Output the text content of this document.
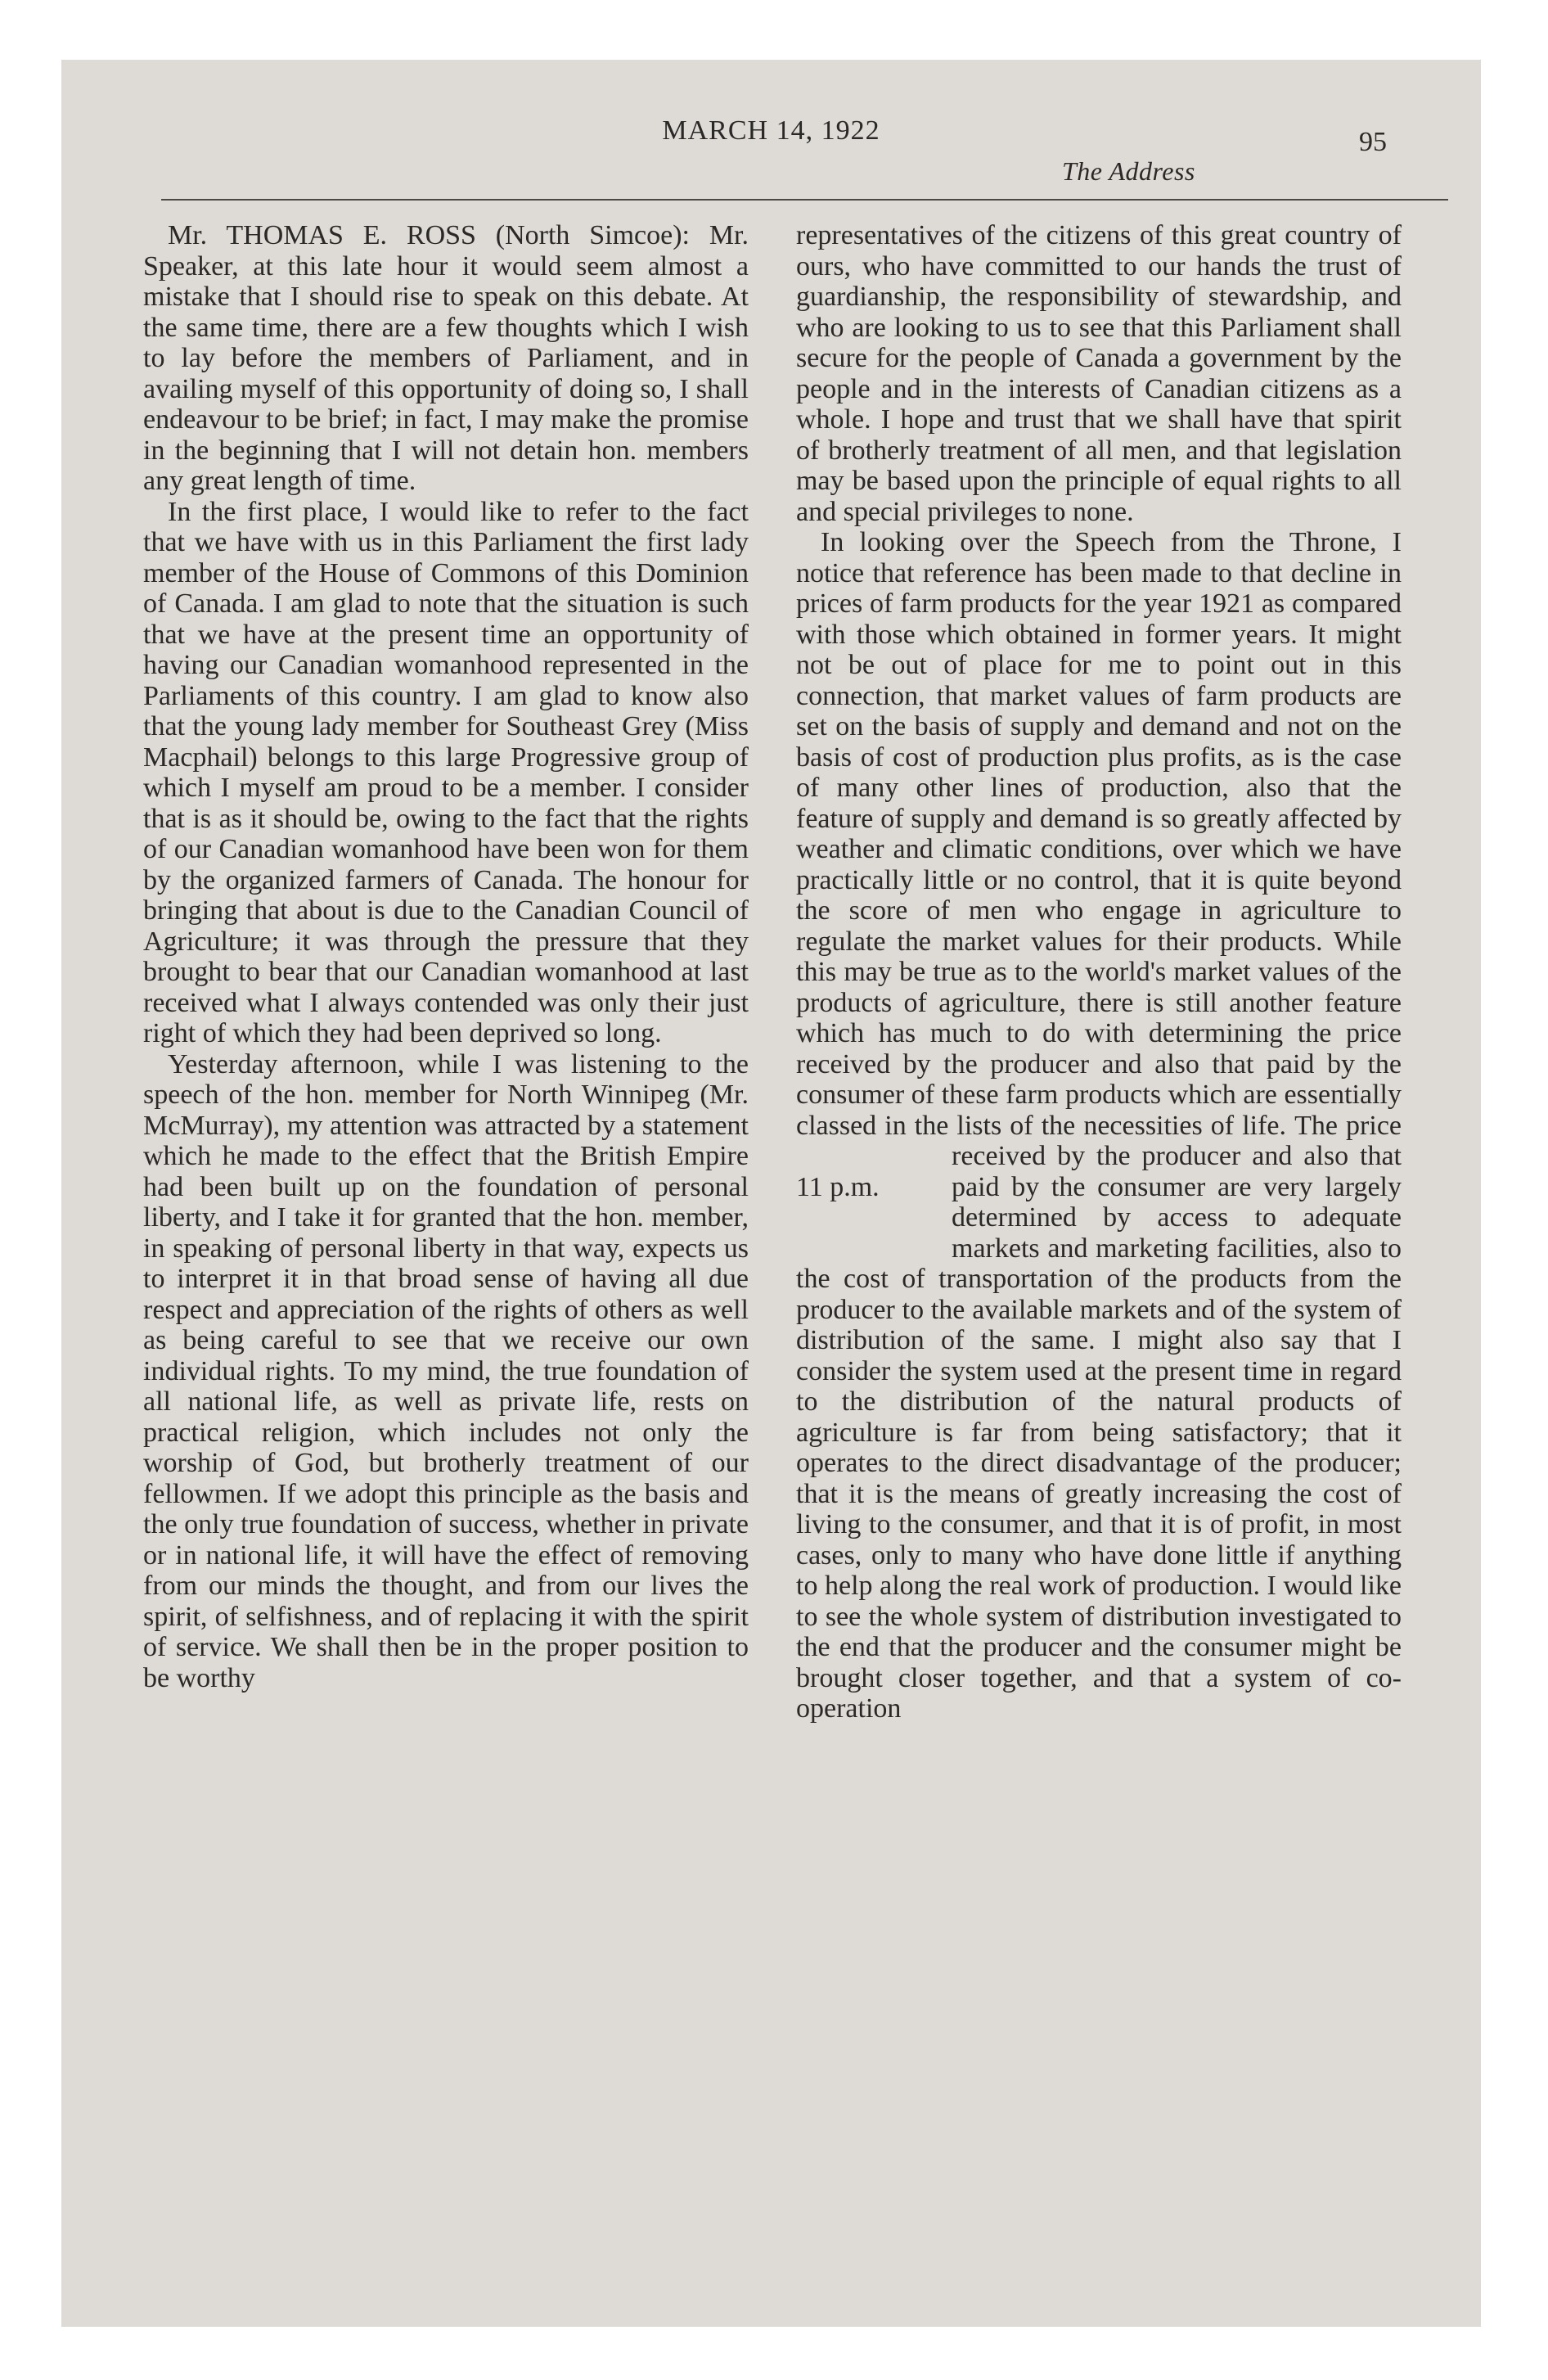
MARCH 14, 1922
The Address
95

Mr. THOMAS E. ROSS (North Simcoe): Mr. Speaker, at this late hour it would seem almost a mistake that I should rise to speak on this debate. At the same time, there are a few thoughts which I wish to lay before the members of Parliament, and in availing myself of this opportunity of doing so, I shall endeavour to be brief; in fact, I may make the promise in the beginning that I will not detain hon. members any great length of time.

In the first place, I would like to refer to the fact that we have with us in this Parliament the first lady member of the House of Commons of this Dominion of Canada. I am glad to note that the situation is such that we have at the present time an opportunity of having our Canadian womanhood represented in the Parliaments of this country. I am glad to know also that the young lady member for Southeast Grey (Miss Macphail) belongs to this large Progressive group of which I myself am proud to be a member. I consider that is as it should be, owing to the fact that the rights of our Canadian womanhood have been won for them by the organized farmers of Canada. The honour for bringing that about is due to the Canadian Council of Agriculture; it was through the pressure that they brought to bear that our Canadian womanhood at last received what I always contended was only their just right of which they had been deprived so long.

Yesterday afternoon, while I was listening to the speech of the hon. member for North Winnipeg (Mr. McMurray), my attention was attracted by a statement which he made to the effect that the British Empire had been built up on the foundation of personal liberty, and I take it for granted that the hon. member, in speaking of personal liberty in that way, expects us to interpret it in that broad sense of having all due respect and appreciation of the rights of others as well as being careful to see that we receive our own individual rights. To my mind, the true foundation of all national life, as well as private life, rests on practical religion, which includes not only the worship of God, but brotherly treatment of our fellowmen. If we adopt this principle as the basis and the only true foundation of success, whether in private or in national life, it will have the effect of removing from our minds the thought, and from our lives the spirit, of selfishness, and of replacing it with the spirit of service. We shall then be in the proper position to be worthy

representatives of the citizens of this great country of ours, who have committed to our hands the trust of guardianship, the responsibility of stewardship, and who are looking to us to see that this Parliament shall secure for the people of Canada a government by the people and in the interests of Canadian citizens as a whole. I hope and trust that we shall have that spirit of brotherly treatment of all men, and that legislation may be based upon the principle of equal rights to all and special privileges to none.

In looking over the Speech from the Throne, I notice that reference has been made to that decline in prices of farm products for the year 1921 as compared with those which obtained in former years. It might not be out of place for me to point out in this connection, that market values of farm products are set on the basis of supply and demand and not on the basis of cost of production plus profits, as is the case of many other lines of production, also that the feature of supply and demand is so greatly affected by weather and climatic conditions, over which we have practically little or no control, that it is quite beyond the score of men who engage in agriculture to regulate the market values for their products. While this may be true as to the world's market values of the products of agriculture, there is still another feature which has much to do with determining the price received by the producer and also that paid by the consumer of these farm products which are essentially classed in the lists of the necessities of life.
11 p.m.
The price received by the producer and also that paid by the consumer are very largely determined by access to adequate markets and marketing facilities, also to the cost of transportation of the products from the producer to the available markets and of the system of distribution of the same. I might also say that I consider the system used at the present time in regard to the distribution of the natural products of agriculture is far from being satisfactory; that it operates to the direct disadvantage of the producer; that it is the means of greatly increasing the cost of living to the consumer, and that it is of profit, in most cases, only to many who have done little if anything to help along the real work of production. I would like to see the whole system of distribution investigated to the end that the producer and the consumer might be brought closer together, and that a system of co-operation
